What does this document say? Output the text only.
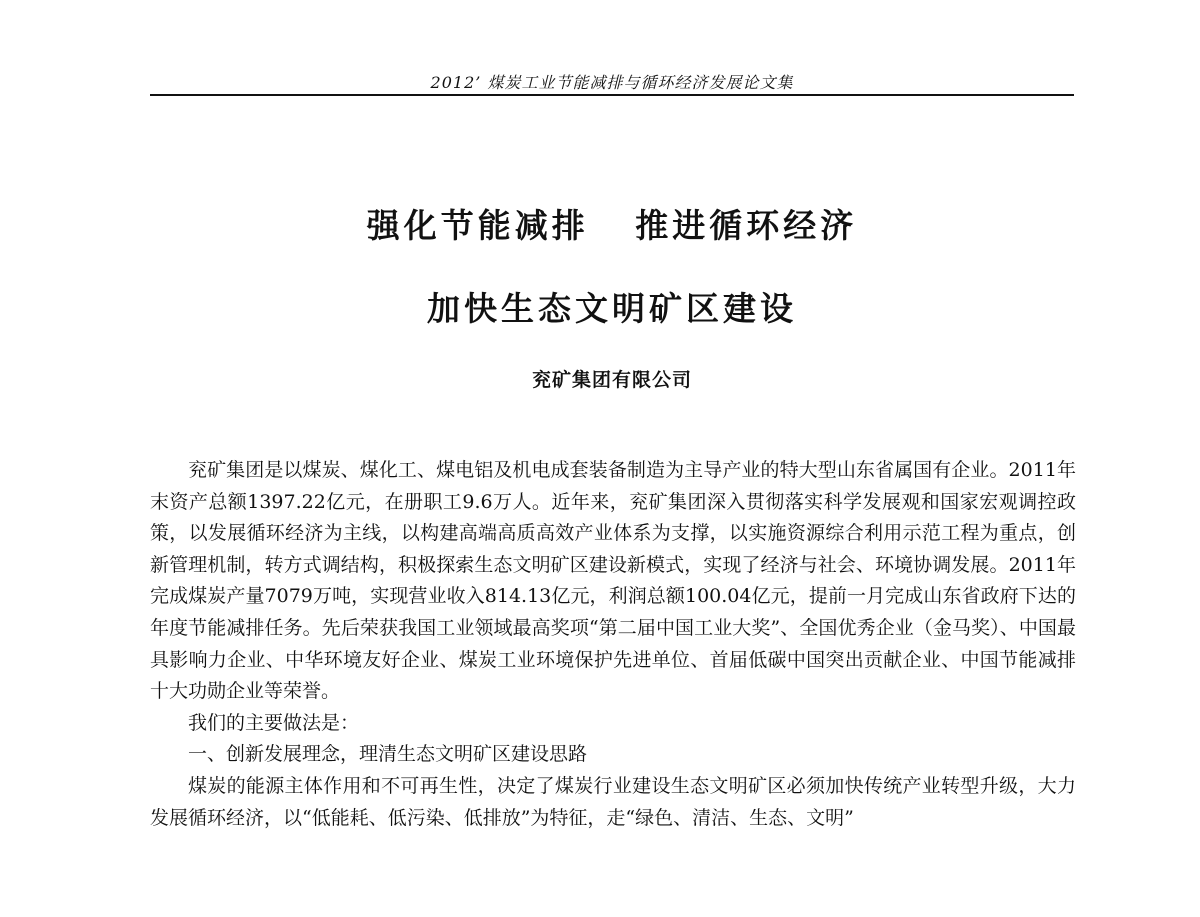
2012’ 煤炭工业节能减排与循环经济发展论文集
强化节能减排   推进循环经济
加快生态文明矿区建设
兖矿集团有限公司

兖矿集团是以煤炭、煤化工、煤电铝及机电成套装备制造为主导产业的特大型山东省属国有企业。2011年末资产总额1397.22亿元，在册职工9.6万人。近年来，兖矿集团深入贯彻落实科学发展观和国家宏观调控政策，以发展循环经济为主线，以构建高端高质高效产业体系为支撑，以实施资源综合利用示范工程为重点，创新管理机制，转方式调结构，积极探索生态文明矿区建设新模式，实现了经济与社会、环境协调发展。2011年完成煤炭产量7079万吨，实现营业收入814.13亿元，利润总额100.04亿元，提前一月完成山东省政府下达的年度节能减排任务。先后荣获我国工业领域最高奖项“第二届中国工业大奖”、全国优秀企业（金马奖）、中国最具影响力企业、中华环境友好企业、煤炭工业环境保护先进单位、首届低碳中国突出贡献企业、中国节能减排十大功勋企业等荣誉。

我们的主要做法是：

一、创新发展理念，理清生态文明矿区建设思路

煤炭的能源主体作用和不可再生性，决定了煤炭行业建设生态文明矿区必须加快传统产业转型升级，大力发展循环经济，以“低能耗、低污染、低排放”为特征，走“绿色、清洁、生态、文明”
